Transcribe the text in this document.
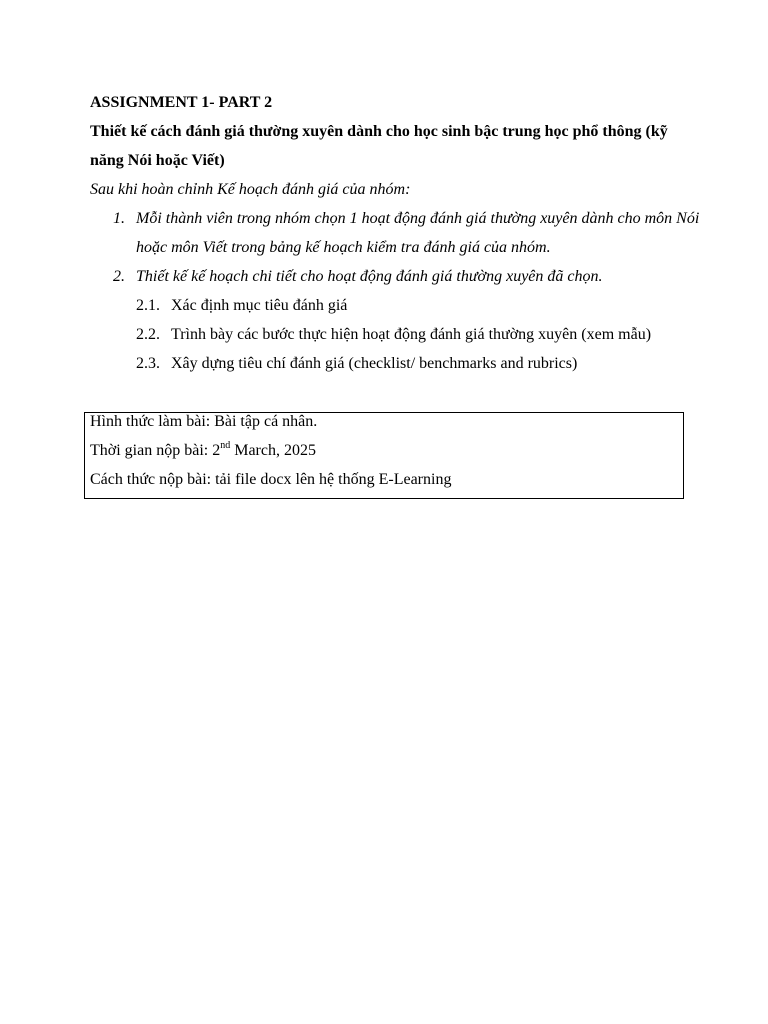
ASSIGNMENT 1- PART 2
Thiết kế cách đánh giá thường xuyên dành cho học sinh bậc trung học phổ thông (kỹ
năng Nói hoặc Viết)
Sau khi hoàn chỉnh Kế hoạch đánh giá của nhóm:
1. Mỗi thành viên trong nhóm chọn 1 hoạt động đánh giá thường xuyên dành cho môn Nói
hoặc môn Viết trong bảng kế hoạch kiểm tra đánh giá của nhóm.
2. Thiết kế kế hoạch chi tiết cho hoạt động đánh giá thường xuyên đã chọn.
2.1. Xác định mục tiêu đánh giá
2.2. Trình bày các bước thực hiện hoạt động đánh giá thường xuyên (xem mẫu)
2.3. Xây dựng tiêu chí đánh giá (checklist/ benchmarks and rubrics)
Hình thức làm bài: Bài tập cá nhân.
Thời gian nộp bài: 2nd March, 2025
Cách thức nộp bài: tải file docx lên hệ thống E-Learning
